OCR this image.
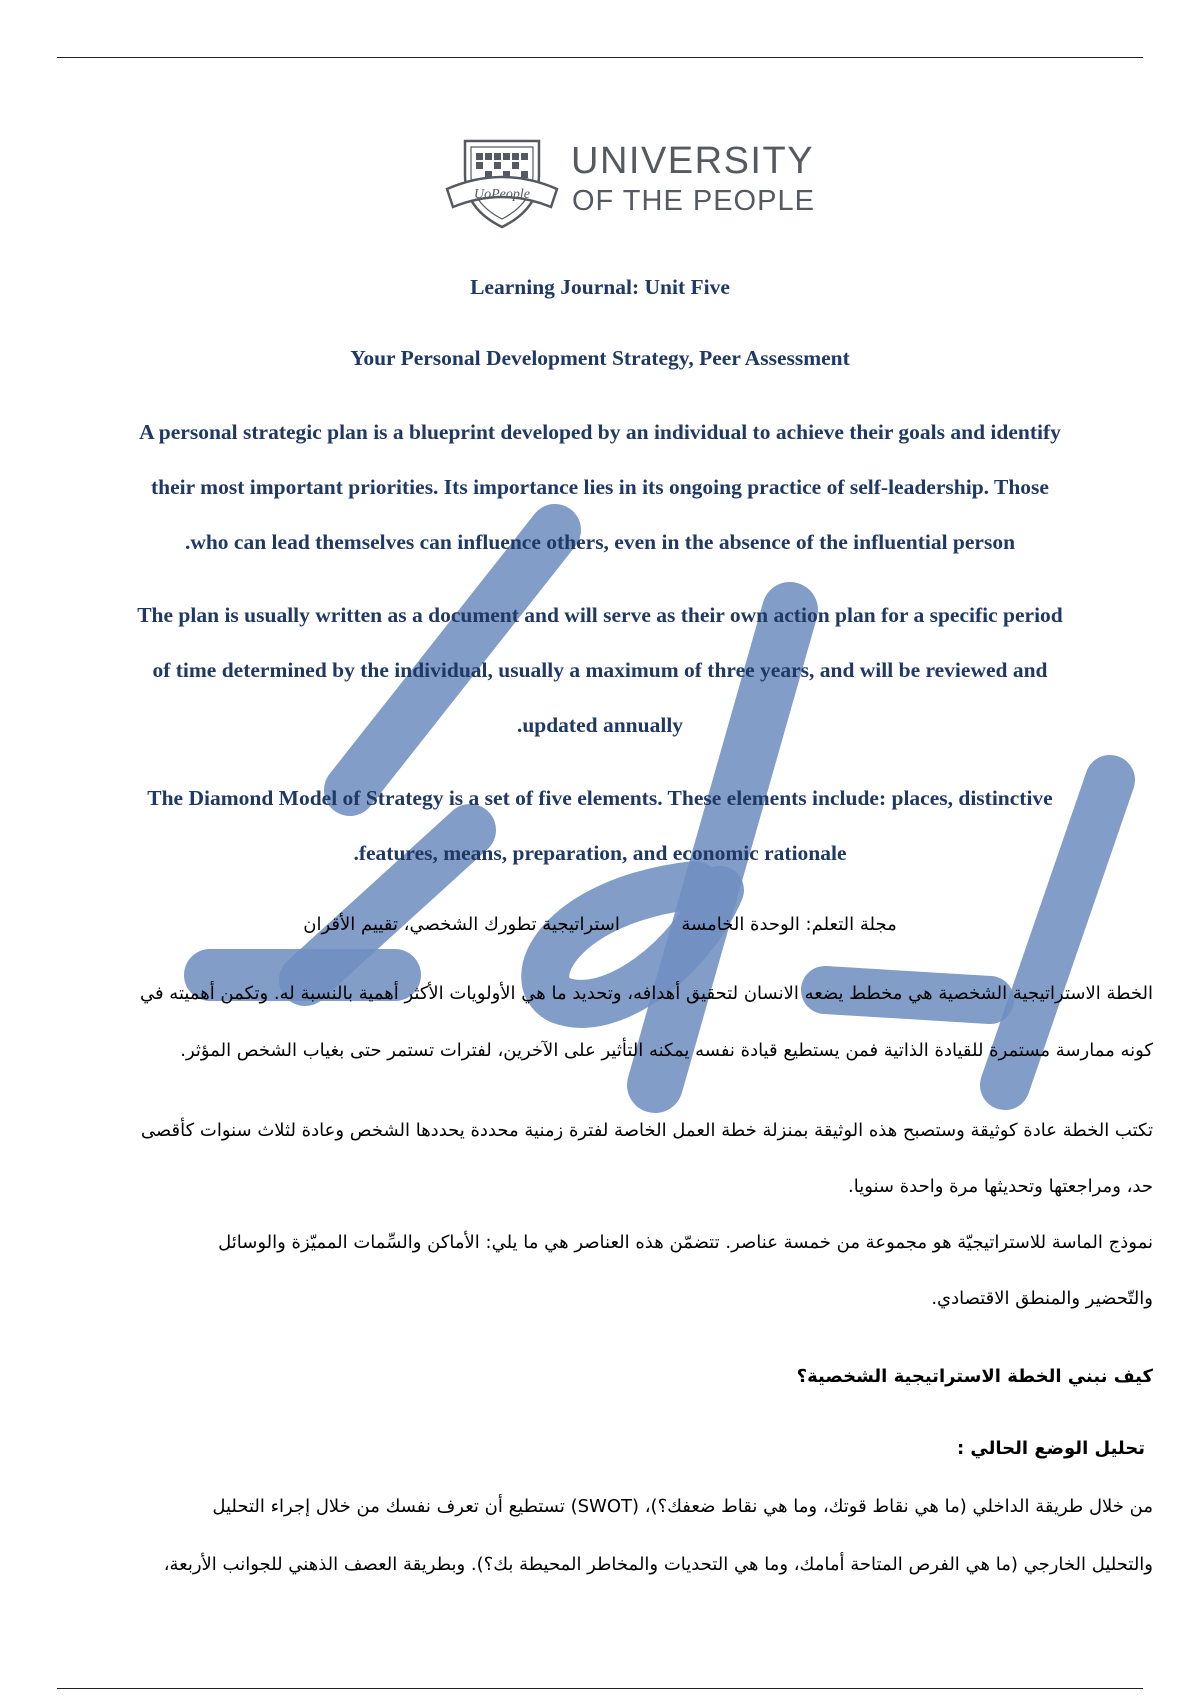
UoPeople
UNIVERSITY
OF THE PEOPLE

Learning Journal: Unit Five

Your Personal Development Strategy, Peer Assessment

A personal strategic plan is a blueprint developed by an individual to achieve their goals and identify

their most important priorities. Its importance lies in its ongoing practice of self-leadership. Those

.who can lead themselves can influence others, even in the absence of the influential person

The plan is usually written as a document and will serve as their own action plan for a specific period

of time determined by the individual, usually a maximum of three years, and will be reviewed and

.updated annually

The Diamond Model of Strategy is a set of five elements. These elements include: places, distinctive

.features, means, preparation, and economic rationale

مجلة التعلم: الوحدة الخامسة  استراتيجية تطورك الشخصي، تقييم الأقران

الخطة الاستراتيجية الشخصية هي مخطط يضعه الانسان لتحقيق أهدافه، وتحديد ما هي الأولويات الأكثر أهمية بالنسبة له. وتكمن أهميته في

كونه ممارسة مستمرة للقيادة الذاتية فمن يستطيع قيادة نفسه يمكنه التأثير على الآخرين، لفترات تستمر حتى بغياب الشخص المؤثر.

تكتب الخطة عادة كوثيقة وستصبح هذه الوثيقة بمنزلة خطة العمل الخاصة لفترة زمنية محددة يحددها الشخص وعادة لثلاث سنوات كأقصى

حد، ومراجعتها وتحديثها مرة واحدة سنويا.

نموذج الماسة للاستراتيجيّة هو مجموعة من خمسة عناصر. تتضمّن هذه العناصر هي ما يلي: الأماكن والسِّمات المميّزة والوسائل

والتّحضير والمنطق الاقتصادي.

كيف نبني الخطة الاستراتيجية الشخصية؟

تحليل الوضع الحالي :

من خلال طريقة الداخلي (ما هي نقاط قوتك، وما هي نقاط ضعفك؟)، (SWOT) تستطيع أن تعرف نفسك من خلال إجراء التحليل

والتحليل الخارجي (ما هي الفرص المتاحة أمامك، وما هي التحديات والمخاطر المحيطة بك؟). وبطريقة العصف الذهني للجوانب الأربعة،
